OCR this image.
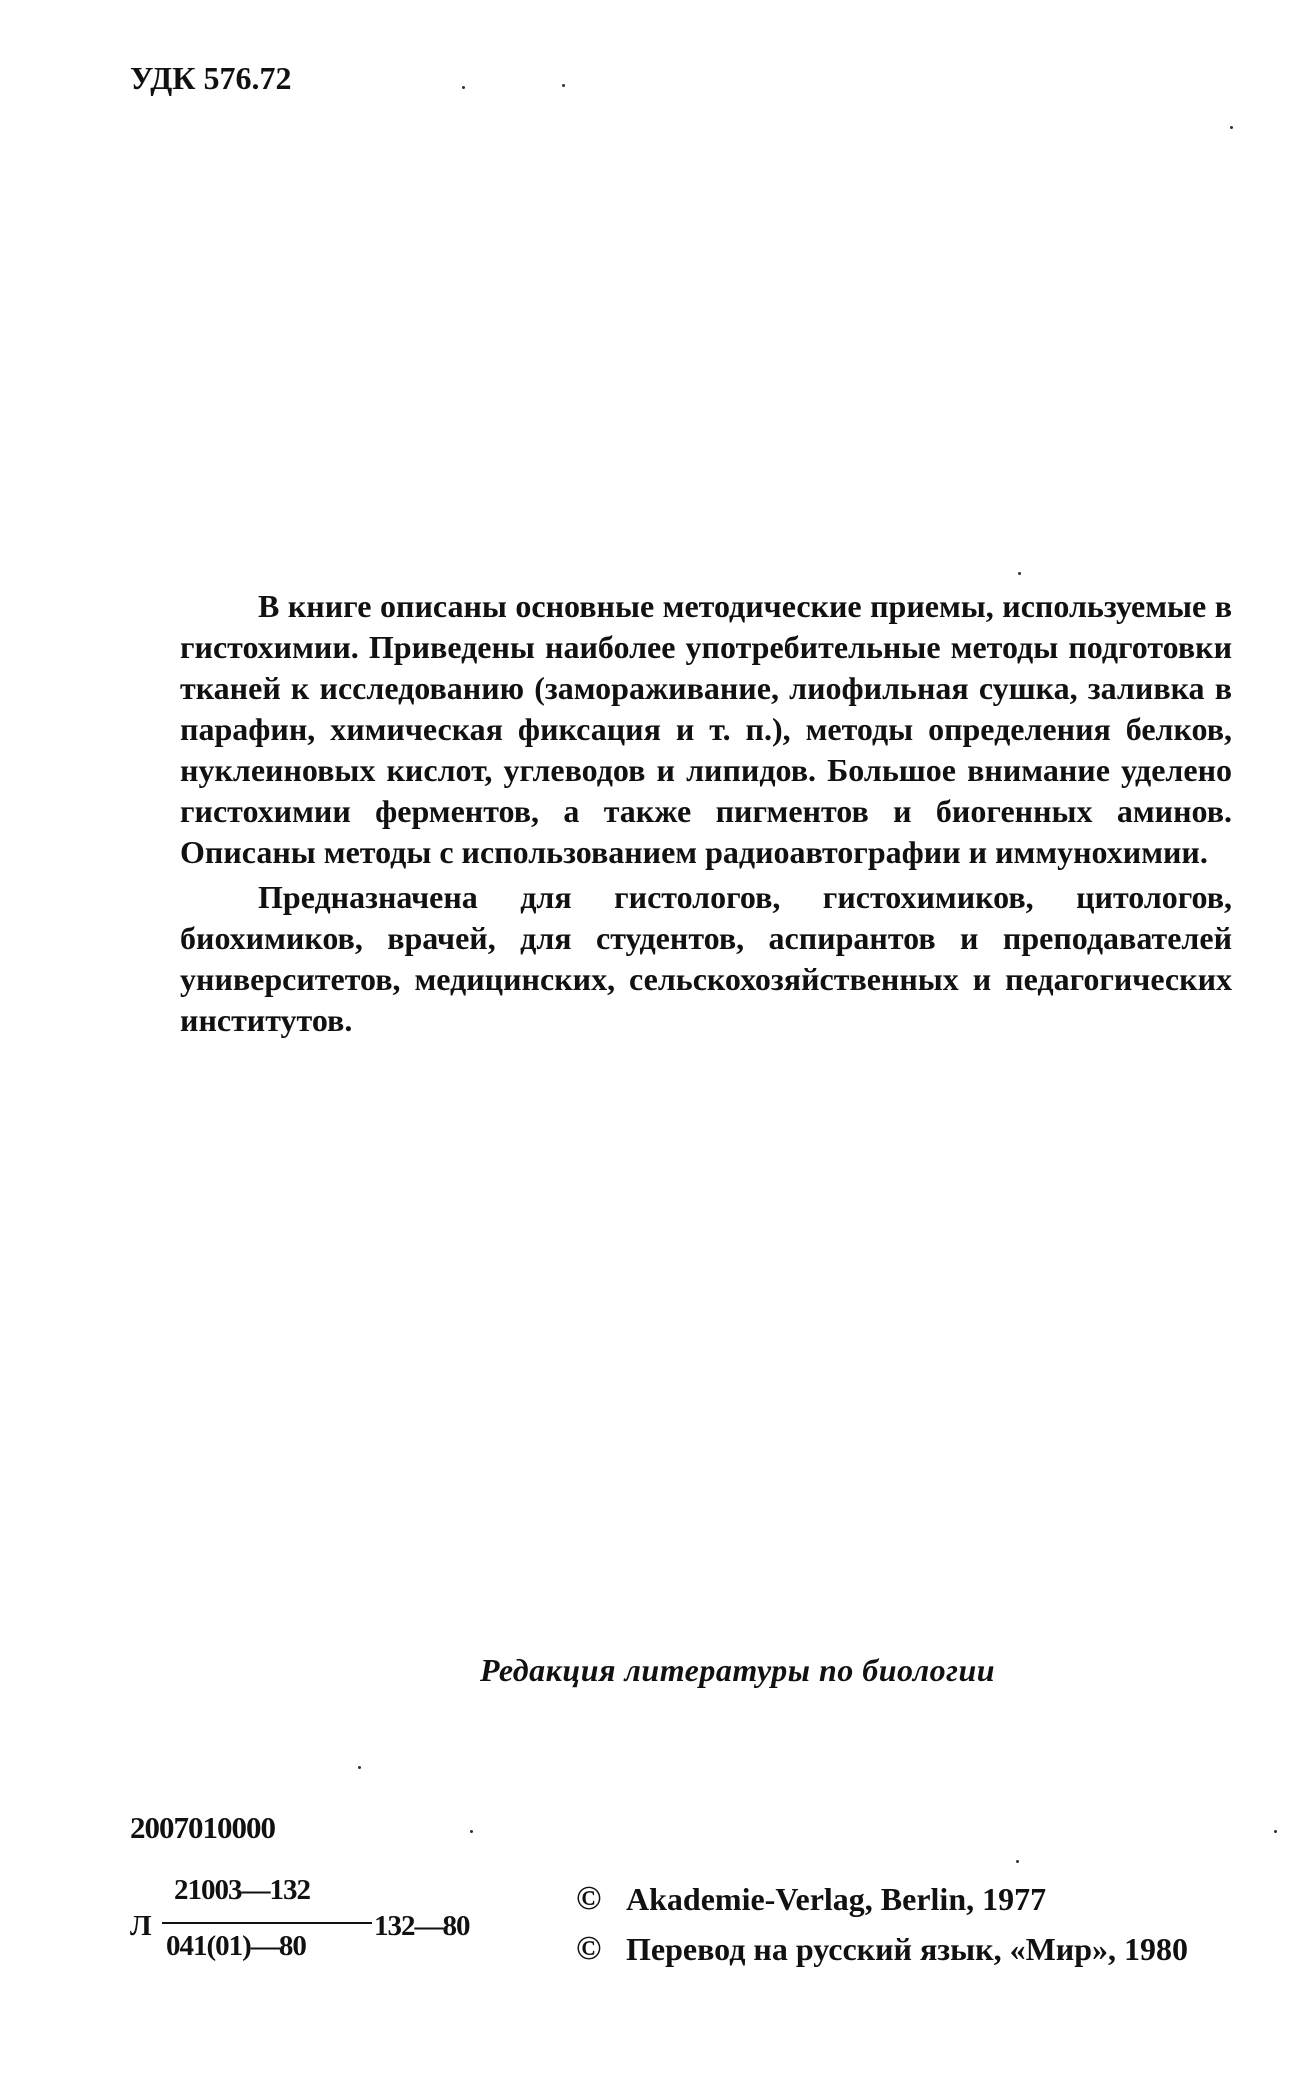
УДК 576.72

В книге описаны основные методические приемы, используемые в гистохимии. Приведены наиболее употребительные методы подготовки тканей к исследованию (замораживание, лиофильная сушка, заливка в парафин, химическая фиксация и т. п.), методы определения белков, нуклеиновых кислот, углеводов и липидов. Большое внимание уделено гистохимии ферментов, а также пигментов и биогенных аминов. Описаны методы с использованием радиоавтографии и иммунохимии.

Предназначена для гистологов, гистохимиков, цитологов, биохимиков, врачей, для студентов, аспирантов и преподавателей университетов, медицинских, сельскохозяйственных и педагогических институтов.

Редакция литературы по биологии
2007010000
Л
21003—132
041(01)—80
132—80
© Akademie-Verlag, Berlin, 1977
© Перевод на русский язык, «Мир», 1980
